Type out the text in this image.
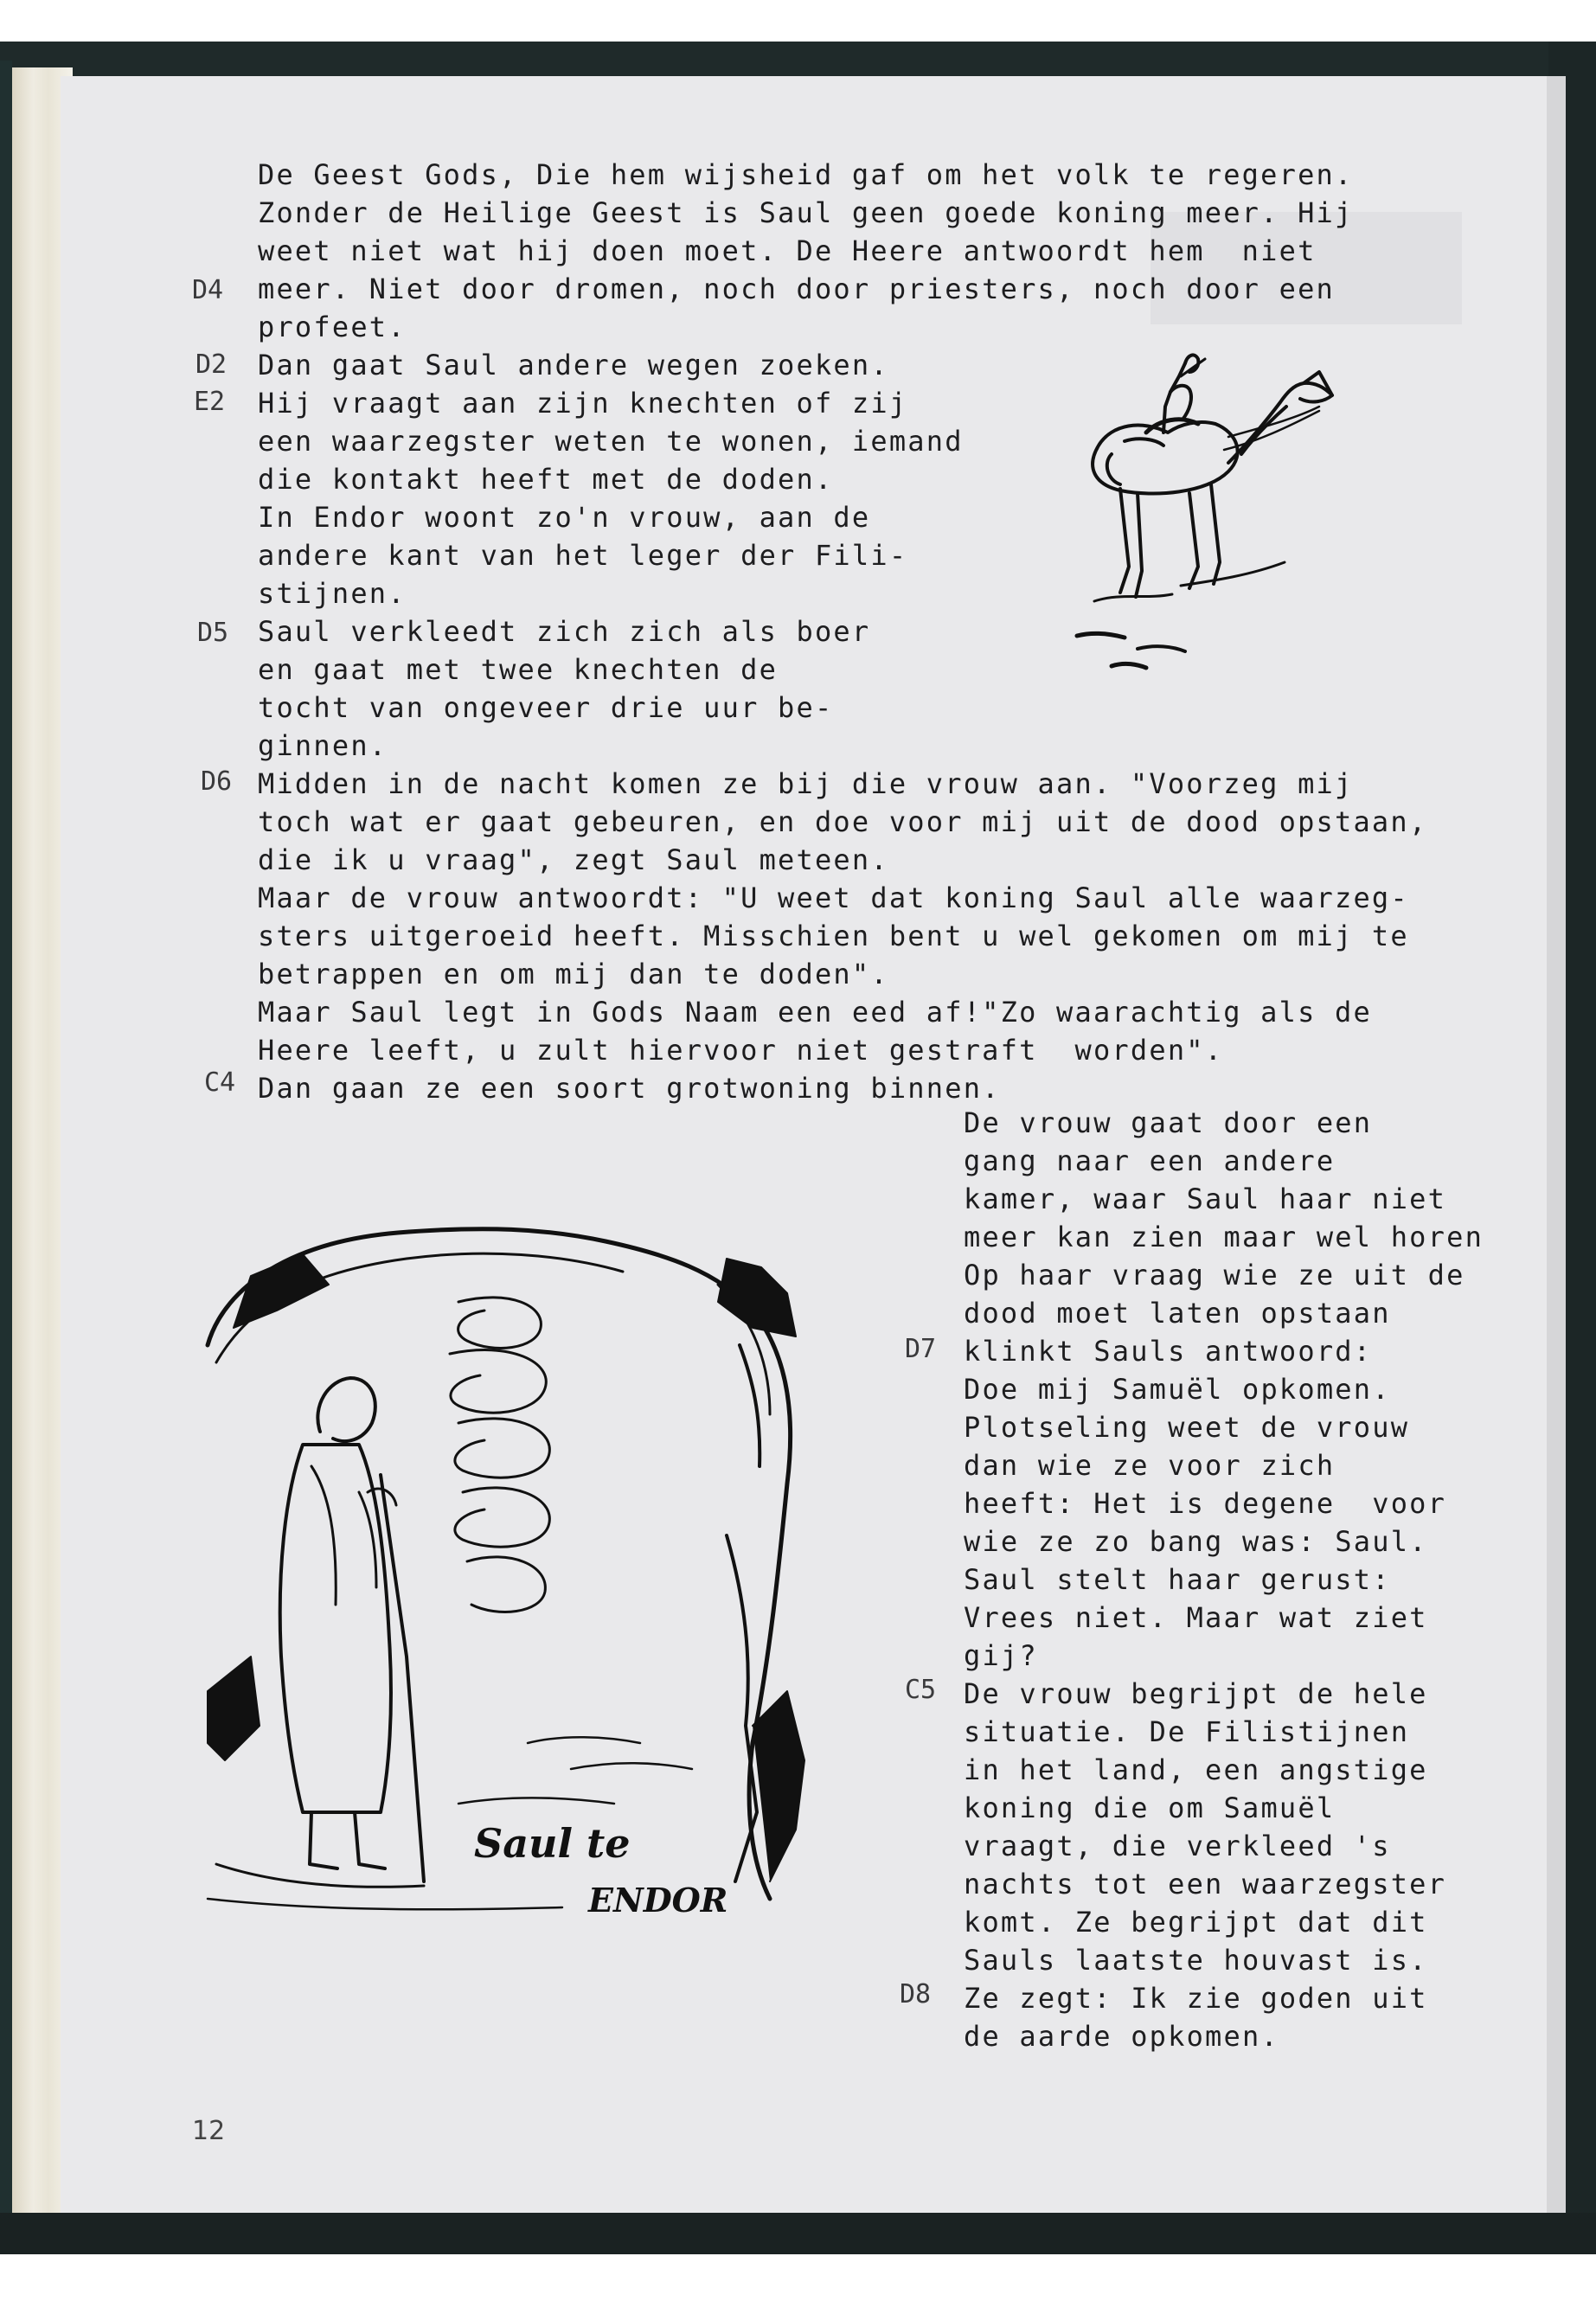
D4
D2
E2
D5
D6
C4
D7
C5
D8

De Geest Gods, Die hem wijsheid gaf om het volk te regeren.

Zonder de Heilige Geest is Saul geen goede koning meer. Hij

weet niet wat hij doen moet. De Heere antwoordt hem  niet

meer. Niet door dromen, noch door priesters, noch door een

profeet.

Dan gaat Saul andere wegen zoeken.

Hij vraagt aan zijn knechten of zij

een waarzegster weten te wonen, iemand

die kontakt heeft met de doden.

In Endor woont zo'n vrouw, aan de

andere kant van het leger der Fili-

stijnen.

Saul verkleedt zich zich als boer

en gaat met twee knechten de

tocht van ongeveer drie uur be-

ginnen.

Midden in de nacht komen ze bij die vrouw aan. "Voorzeg mij

toch wat er gaat gebeuren, en doe voor mij uit de dood opstaan,

die ik u vraag", zegt Saul meteen.

Maar de vrouw antwoordt: "U weet dat koning Saul alle waarzeg-

sters uitgeroeid heeft. Misschien bent u wel gekomen om mij te

betrappen en om mij dan te doden".

Maar Saul legt in Gods Naam een eed af!"Zo waarachtig als de

Heere leeft, u zult hiervoor niet gestraft  worden".

Dan gaan ze een soort grotwoning binnen.

De vrouw gaat door een

gang naar een andere

kamer, waar Saul haar niet

meer kan zien maar wel horen

Op haar vraag wie ze uit de

dood moet laten opstaan

klinkt Sauls antwoord:

Doe mij Samuël opkomen.

Plotseling weet de vrouw

dan wie ze voor zich

heeft: Het is degene  voor

wie ze zo bang was: Saul.

Saul stelt haar gerust:

Vrees niet. Maar wat ziet

gij?

De vrouw begrijpt de hele

situatie. De Filistijnen

in het land, een angstige

koning die om Samuël

vraagt, die verkleed 's

nachts tot een waarzegster

komt. Ze begrijpt dat dit

Sauls laatste houvast is.

Ze zegt: Ik zie goden uit

de aarde opkomen.

Saul te
ENDOR
12
